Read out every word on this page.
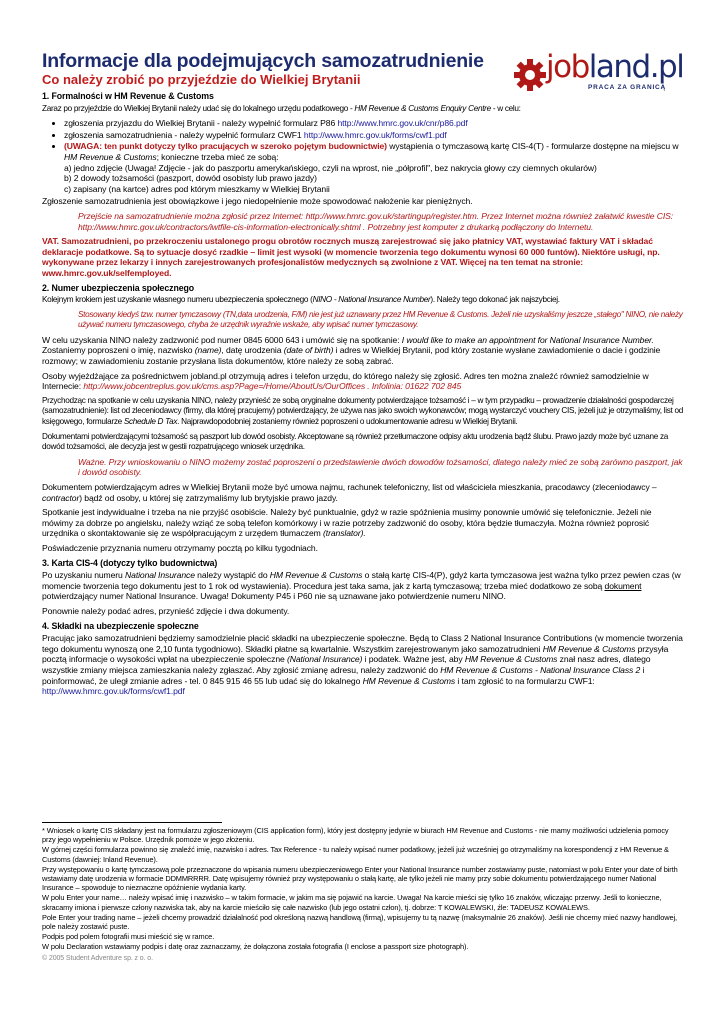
Informacje dla podejmujących samozatrudnienie
Co należy zrobić po przyjeździe do Wielkiej Brytanii
1. Formalności w HM Revenue & Customs

Zaraz po przyjeździe do Wielkiej Brytanii należy udać się do lokalnego urzędu podatkowego - HM Revenue & Customs Enquiry Centre - w celu:

• zgłoszenia przyjazdu do Wielkiej Brytanii - należy wypełnić formularz P86 http://www.hmrc.gov.uk/cnr/p86.pdf
• zgłoszenia samozatrudnienia - należy wypełnić formularz CWF1 http://www.hmrc.gov.uk/forms/cwf1.pdf
• (UWAGA: ten punkt dotyczy tylko pracujących w szeroko pojętym budownictwie) wystąpienia o tymczasową kartę CIS-4(T) - formularze dostępne na miejscu w HM Revenue & Customs; konieczne trzeba mieć ze sobą:
a) jedno zdjęcie (Uwaga! Zdjęcie - jak do paszportu amerykańskiego, czyli na wprost, nie „półprofil", bez nakrycia głowy czy ciemnych okularów)
b) 2 dowody tożsamości (paszport, dowód osobisty lub prawo jazdy)
c) zapisany (na kartce) adres pod którym mieszkamy w Wielkiej Brytanii

Zgłoszenie samozatrudnienia jest obowiązkowe i jego niedopełnienie może spowodować nałożenie kar pieniężnych.

Przejście na samozatrudnienie można zgłosić przez Internet: http://www.hmrc.gov.uk/startingup/register.htm. Przez Internet można również załatwić kwestie CIS: http://www.hmrc.gov.uk/contractors/iwtfile-cis-information-electronically.shtml . Potrzebny jest komputer z drukarką podłączony do Internetu.

VAT. Samozatrudnieni, po przekroczeniu ustalonego progu obrotów rocznych muszą zarejestrować się jako płatnicy VAT, wystawiać faktury VAT i składać deklaracje podatkowe. Są to sytuacje dosyć rzadkie – limit jest wysoki (w momencie tworzenia tego dokumentu wynosi 60 000 funtów). Niektóre usługi, np. wykonywane przez lekarzy i innych zarejestrowanych profesjonalistów medycznych są zwolnione z VAT. Więcej na ten temat na stronie: www.hmrc.gov.uk/selfemployed.

2. Numer ubezpieczenia społecznego

Kolejnym krokiem jest uzyskanie własnego numeru ubezpieczenia społecznego (NINO - National Insurance Number). Należy tego dokonać jak najszybciej.

Stosowany kiedyś tzw. numer tymczasowy (TN,data urodzenia, F/M) nie jest już uznawany przez HM Revenue & Customs. Jeżeli nie uzyskaliśmy jeszcze „stałego" NINO, nie należy używać numeru tymczasowego, chyba że urzędnik wyraźnie wskaże, aby wpisać numer tymczasowy.

W celu uzyskania NINO należy zadzwonić pod numer 0845 6000 643 i umówić się na spotkanie: I would like to make an appointment for National Insurance Number. Zostaniemy poproszeni o imię, nazwisko (name), datę urodzenia (date of birth) i adres w Wielkiej Brytanii, pod który zostanie wysłane zawiadomienie o dacie i godzinie rozmowy; w zawiadomieniu zostanie przysłana lista dokumentów, które należy ze sobą zabrać.

Osoby wyjeżdżające za pośrednictwem jobland.pl otrzymują adres i telefon urzędu, do którego należy się zgłosić. Adres ten można znaleźć również samodzielnie w Internecie: http://www.jobcentreplus.gov.uk/cms.asp?Page=/Home/AboutUs/OurOffices . Infolinia: 01622 702 845

Przychodząc na spotkanie w celu uzyskania NINO, należy przynieść ze sobą oryginalne dokumenty potwierdzające tożsamość i – w tym przypadku – prowadzenie działalności gospodarczej (samozatrudnienie): list od zleceniodawcy (firmy, dla której pracujemy) potwierdzający, że używa nas jako swoich wykonawców; mogą wystarczyć vouchery CIS, jeżeli już je otrzymaliśmy, list od księgowego, formularze Schedule D Tax. Najprawdopodobniej zostaniemy również poproszeni o udokumentowanie adresu w Wielkiej Brytanii.

Dokumentami potwierdzającymi tożsamość są paszport lub dowód osobisty. Akceptowane są również przetłumaczone odpisy aktu urodzenia bądź ślubu. Prawo jazdy może być uznane za dowód tożsamości, ale decyzja jest w gestii rozpatrującego wniosek urzędnika.

Ważne. Przy wnioskowaniu o NINO możemy zostać poproszeni o przedstawienie dwóch dowodów tożsamości, dlatego należy mieć ze sobą zarówno paszport, jak i dowód osobisty.

Dokumentem potwierdzającym adres w Wielkiej Brytanii może być umowa najmu, rachunek telefoniczny, list od właściciela mieszkania, pracodawcy (zleceniodawcy – contractor) bądź od osoby, u której się zatrzymaliśmy lub brytyjskie prawo jazdy.

Spotkanie jest indywidualne i trzeba na nie przyjść osobiście. Należy być punktualnie, gdyż w razie spóźnienia musimy ponownie umówić się telefonicznie. Jeżeli nie mówimy za dobrze po angielsku, należy wziąć ze sobą telefon komórkowy i w razie potrzeby zadzwonić do osoby, która będzie tłumaczyła. Można również poprosić urzędnika o skontaktowanie się ze współpracującym z urzędem tłumaczem (translator).

Poświadczenie przyznania numeru otrzymamy pocztą po kilku tygodniach.

3. Karta CIS-4 (dotyczy tylko budownictwa)

Po uzyskaniu numeru National Insurance należy wystąpić do HM Revenue & Customs o stałą kartę CIS-4(P), gdyż karta tymczasowa jest ważna tylko przez pewien czas (w momencie tworzenia tego dokumentu jest to 1 rok od wystawienia). Procedura jest taka sama, jak z kartą tymczasową; trzeba mieć dodatkowo ze sobą dokument potwierdzający numer National Insurance. Uwaga! Dokumenty P45 i P60 nie są uznawane jako potwierdzenie numeru NINO.

Ponownie należy podać adres, przynieść zdjęcie i dwa dokumenty.

4. Składki na ubezpieczenie społeczne

Pracując jako samozatrudnieni będziemy samodzielnie płacić składki na ubezpieczenie społeczne. Będą to Class 2 National Insurance Contributions (w momencie tworzenia tego dokumentu wynoszą one 2,10 funta tygodniowo). Składki płatne są kwartalnie. Wszystkim zarejestrowanym jako samozatrudnieni HM Revenue & Customs przysyła pocztą informacje o wysokości wpłat na ubezpieczenie społeczne (National Insurance) i podatek. Ważne jest, aby HM Revenue & Customs znał nasz adres, dlatego wszystkie zmiany miejsca zamieszkania należy zgłaszać. Aby zgłosić zmianę adresu, należy zadzwonić do HM Revenue & Customs - National Insurance Class 2 i poinformować, że uległ zmianie adres - tel. 0 845 915 46 55 lub udać się do lokalnego HM Revenue & Customs i tam zgłosić to na formularzu CWF1: http://www.hmrc.gov.uk/forms/cwf1.pdf

jobland.pl
PRACA ZA GRANICĄ

* Wniosek o kartę CIS składany jest na formularzu zgłoszeniowym (CIS application form), który jest dostępny jedynie w biurach HM Revenue and Customs - nie mamy możliwości udzielenia pomocy przy jego wypełnieniu w Polsce. Urzędnik pomoże w jego złożeniu.

W górnej części formularza powinno się znaleźć imię, nazwisko i adres. Tax Reference - tu należy wpisać numer podatkowy, jeżeli już wcześniej go otrzymaliśmy na korespondencji z HM Revenue & Customs (dawniej: Inland Revenue).

Przy występowaniu o kartę tymczasową pole przeznaczone do wpisania numeru ubezpieczeniowego Enter your National Insurance number zostawiamy puste, natomiast w polu Enter your date of birth wstawiamy datę urodzenia w formacie DDMMRRRR. Datę wpisujemy również przy występowaniu o stałą kartę, ale tylko jeżeli nie mamy przy sobie dokumentu potwierdzającego numer National Insurance – spowoduje to nieznaczne opóźnienie wydania karty.

W polu Enter your name… należy wpisać imię i nazwisko – w takim formacie, w jakim ma się pojawić na karcie. Uwaga! Na karcie mieści się tylko 16 znaków, wliczając przerwy. Jeśli to konieczne, skracamy imiona i pierwsze człony nazwiska tak, aby na karcie mieściło się całe nazwisko (lub jego ostatni człon), tj. dobrze: T KOWALEWSKI, źle: TADEUSZ KOWALEWS.

Pole Enter your trading name – jeżeli chcemy prowadzić działalność pod określoną nazwą handlową (firmą), wpisujemy tu tą nazwę (maksymalnie 26 znaków). Jeśli nie chcemy mieć nazwy handlowej, pole należy zostawić puste.

Podpis pod polem fotografii musi mieścić się w ramce.

W polu Declaration wstawiamy podpis i datę oraz zaznaczamy, że dołączona została fotografia (I enclose a passport size photograph).

© 2005 Student Adventure sp. z o. o.
